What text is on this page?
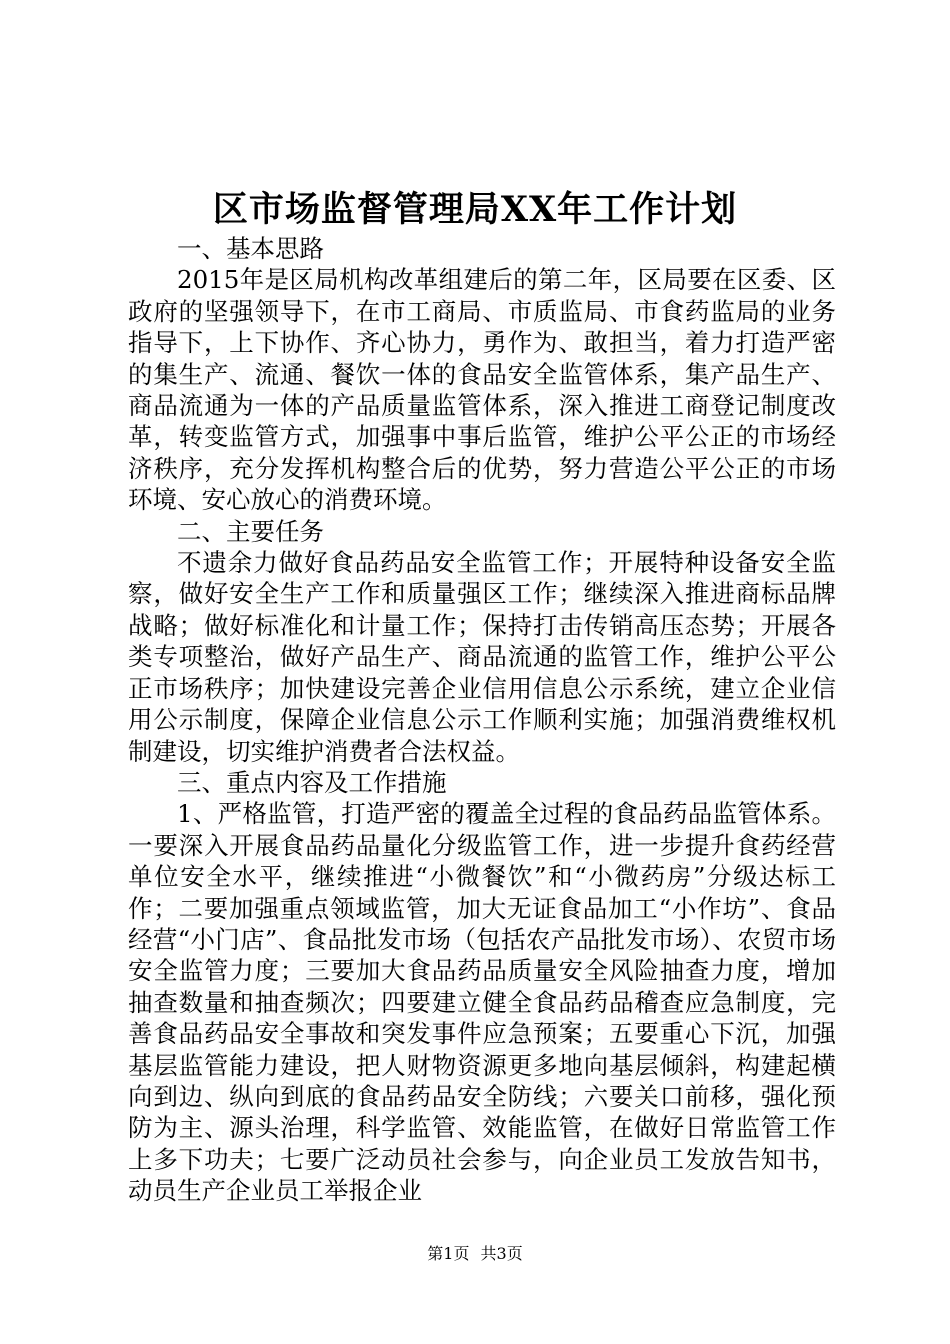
区市场监督管理局XX年工作计划

一、基本思路

2015年是区局机构改革组建后的第二年，区局要在区委、区政府的坚强领导下，在市工商局、市质监局、市食药监局的业务指导下，上下协作、齐心协力，勇作为、敢担当，着力打造严密的集生产、流通、餐饮一体的食品安全监管体系，集产品生产、商品流通为一体的产品质量监管体系，深入推进工商登记制度改革，转变监管方式，加强事中事后监管，维护公平公正的市场经济秩序，充分发挥机构整合后的优势，努力营造公平公正的市场环境、安心放心的消费环境。

二、主要任务

不遗余力做好食品药品安全监管工作；开展特种设备安全监察，做好安全生产工作和质量强区工作；继续深入推进商标品牌战略；做好标准化和计量工作；保持打击传销高压态势；开展各类专项整治，做好产品生产、商品流通的监管工作，维护公平公正市场秩序；加快建设完善企业信用信息公示系统，建立企业信用公示制度，保障企业信息公示工作顺利实施；加强消费维权机制建设，切实维护消费者合法权益。

三、重点内容及工作措施

1、严格监管，打造严密的覆盖全过程的食品药品监管体系。一要深入开展食品药品量化分级监管工作，进一步提升食药经营单位安全水平，继续推进“小微餐饮”和“小微药房”分级达标工作；二要加强重点领域监管，加大无证食品加工“小作坊”、食品经营“小门店”、食品批发市场（包括农产品批发市场）、农贸市场安全监管力度；三要加大食品药品质量安全风险抽查力度，增加抽查数量和抽查频次；四要建立健全食品药品稽查应急制度，完善食品药品安全事故和突发事件应急预案；五要重心下沉，加强基层监管能力建设，把人财物资源更多地向基层倾斜，构建起横向到边、纵向到底的食品药品安全防线；六要关口前移，强化预防为主、源头治理，科学监管、效能监管，在做好日常监管工作上多下功夫；七要广泛动员社会参与，向企业员工发放告知书，动员生产企业员工举报企业

第1页 共3页
